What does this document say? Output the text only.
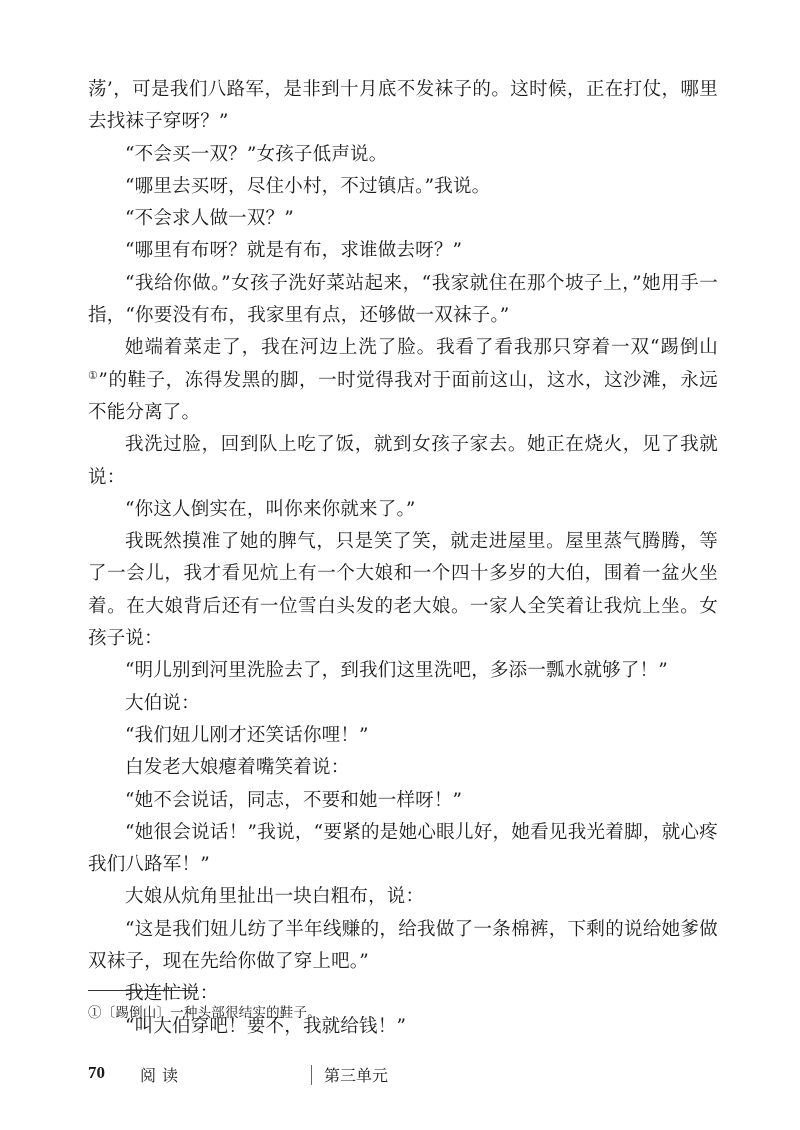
荡’，可是我们八路军，是非到十月底不发袜子的。这时候，正在打仗，哪里去找袜子穿呀？”

“不会买一双？”女孩子低声说。

“哪里去买呀，尽住小村，不过镇店。”我说。

“不会求人做一双？”

“哪里有布呀？就是有布，求谁做去呀？”

“我给你做。”女孩子洗好菜站起来，“我家就住在那个坡子上，”她用手一指，“你要没有布，我家里有点，还够做一双袜子。”

她端着菜走了，我在河边上洗了脸。我看了看我那只穿着一双“踢倒山①”的鞋子，冻得发黑的脚，一时觉得我对于面前这山，这水，这沙滩，永远不能分离了。

我洗过脸，回到队上吃了饭，就到女孩子家去。她正在烧火，见了我就说：

“你这人倒实在，叫你来你就来了。”

我既然摸准了她的脾气，只是笑了笑，就走进屋里。屋里蒸气腾腾，等了一会儿，我才看见炕上有一个大娘和一个四十多岁的大伯，围着一盆火坐着。在大娘背后还有一位雪白头发的老大娘。一家人全笑着让我炕上坐。女孩子说：

“明儿别到河里洗脸去了，到我们这里洗吧，多添一瓢水就够了！”

大伯说：

“我们妞儿刚才还笑话你哩！”

白发老大娘瘪着嘴笑着说：

“她不会说话，同志，不要和她一样呀！”

“她很会说话！”我说，“要紧的是她心眼儿好，她看见我光着脚，就心疼我们八路军！”

大娘从炕角里扯出一块白粗布，说：

“这是我们妞儿纺了半年线赚的，给我做了一条棉裤，下剩的说给她爹做双袜子，现在先给你做了穿上吧。”

我连忙说：

“叫大伯穿吧！要不，我就给钱！”

①〔踢倒山〕一种头部很结实的鞋子。
70 阅读	第三单元
